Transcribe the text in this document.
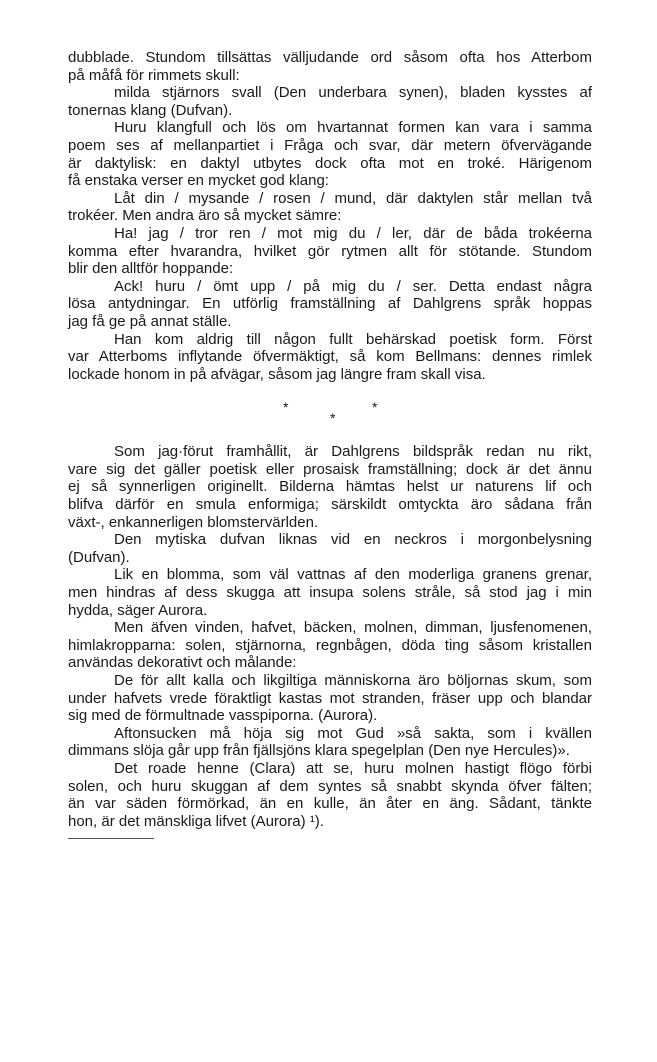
dubblade. Stundom tillsättas välljudande ord såsom ofta hos Atterbom
på måfå för rimmets skull:
milda stjärnors svall (Den underbara synen), bladen kysstes af
tonernas klang (Dufvan).
Huru klangfull och lös om hvartannat formen kan vara i samma
poem ses af mellanpartiet i Fråga och svar, där metern öfvervägande
är daktylisk: en daktyl utbytes dock ofta mot en troké. Härigenom
få enstaka verser en mycket god klang:
Låt din / mysande / rosen / mund, där daktylen står mellan två
trokéer. Men andra äro så mycket sämre:
Ha! jag / tror ren / mot mig du / ler, där de båda trokéerna
komma efter hvarandra, hvilket gör rytmen allt för stötande. Stundom
blir den alltför hoppande:
Ack! huru / ömt upp / på mig du / ser. Detta endast några
lösa antydningar. En utförlig framställning af Dahlgrens språk hoppas
jag få ge på annat ställe.
Han kom aldrig till någon fullt behärskad poetisk form. Först
var Atterboms inflytande öfvermäktigt, så kom Bellmans: dennes rimlek
lockade honom in på afvägar, såsom jag längre fram skall visa.
*
*
*
Som jag·förut framhållit, är Dahlgrens bildspråk redan nu rikt,
vare sig det gäller poetisk eller prosaisk framställning; dock är det ännu
ej så synnerligen originellt. Bilderna hämtas helst ur naturens lif och
blifva därför en smula enformiga; särskildt omtyckta äro sådana från
växt-, enkannerligen blomstervärlden.
Den mytiska dufvan liknas vid en neckros i morgonbelysning
(Dufvan).
Lik en blomma, som väl vattnas af den moderliga granens grenar,
men hindras af dess skugga att insupa solens stråle, så stod jag i min
hydda, säger Aurora.
Men äfven vinden, hafvet, bäcken, molnen, dimman, ljusfenomenen,
himlakropparna: solen, stjärnorna, regnbågen, döda ting såsom kristallen
användas dekorativt och målande:
De för allt kalla och likgiltiga människorna äro böljornas skum, som
under hafvets vrede föraktligt kastas mot stranden, fräser upp och blandar
sig med de förmultnade vasspiporna. (Aurora).
Aftonsucken må höja sig mot Gud »så sakta, som i kvällen
dimmans slöja går upp från fjällsjöns klara spegelplan (Den nye Hercules)».
Det roade henne (Clara) att se, huru molnen hastigt flögo förbi
solen, och huru skuggan af dem syntes så snabbt skynda öfver fälten;
än var säden förmörkad, än en kulle, än åter en äng. Sådant, tänkte
hon, är det mänskliga lifvet (Aurora) ¹).
